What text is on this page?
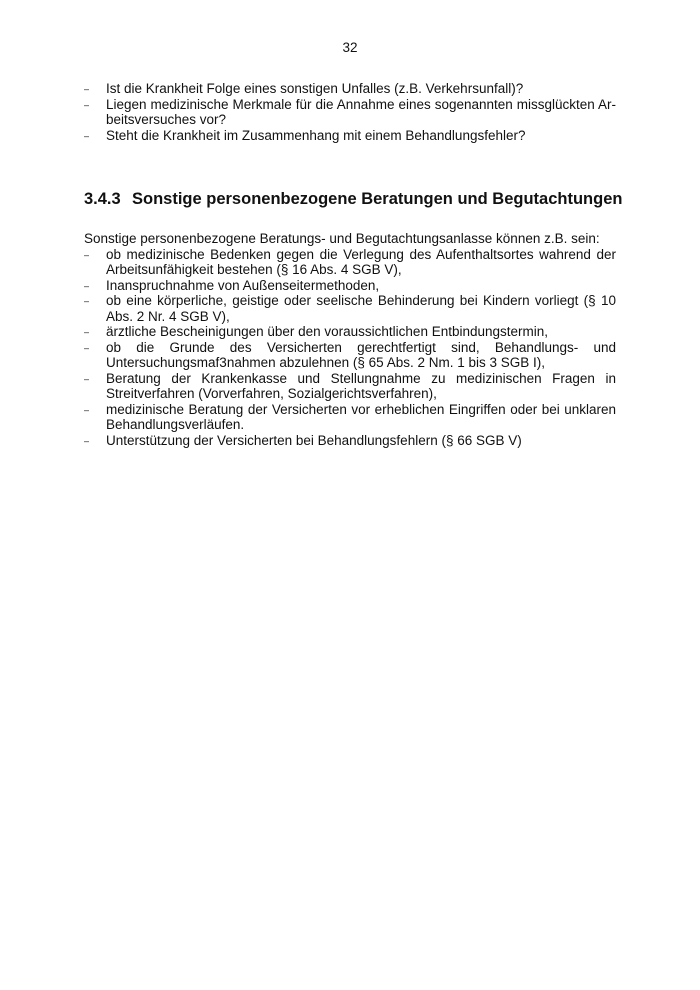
32
– Ist die Krankheit Folge eines sonstigen Unfalles (z.B. Verkehrsunfall)?
– Liegen medizinische Merkmale für die Annahme eines sogenannten missglückten Arbeitsversuches vor?
– Steht die Krankheit im Zusammenhang mit einem Behandlungsfehler?
3.4.3 Sonstige personenbezogene Beratungen und Begutachtungen
Sonstige personenbezogene Beratungs- und Begutachtungsanlasse können z.B. sein:
– ob medizinische Bedenken gegen die Verlegung des Aufenthaltsortes wahrend der Arbeitsunfähigkeit bestehen (§ 16 Abs. 4 SGB V),
– Inanspruchnahme von Außenseitermethoden,
– ob eine körperliche, geistige oder seelische Behinderung bei Kindern vorliegt (§ 10 Abs. 2 Nr. 4 SGB V),
– ärztliche Bescheinigungen über den voraussichtlichen Entbindungstermin,
– ob die Grunde des Versicherten gerechtfertigt sind, Behandlungs- und Untersuchungsmaf3nahmen abzulehnen (§ 65 Abs. 2 Nm. 1 bis 3 SGB I),
– Beratung der Krankenkasse und Stellungnahme zu medizinischen Fragen in Streitverfahren (Vorverfahren, Sozialgerichtsverfahren),
– medizinische Beratung der Versicherten vor erheblichen Eingriffen oder bei unklaren Behandlungsverläufen.
– Unterstützung der Versicherten bei Behandlungsfehlern (§ 66 SGB V)
